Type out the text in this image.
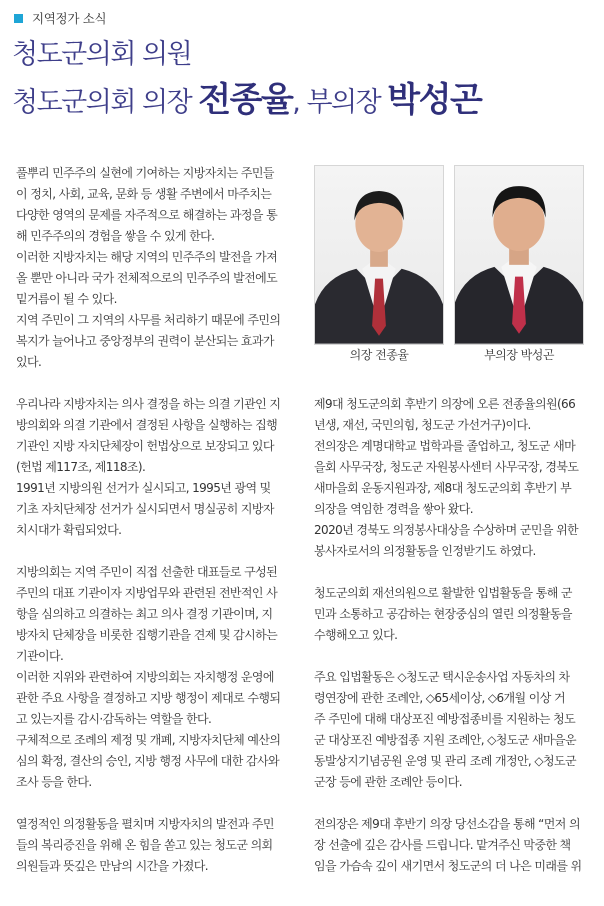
지역정가 소식
청도군의회 의원
청도군의회 의장 전종율, 부의장 박성곤

풀뿌리 민주주의 실현에 기여하는 지방자치는 주민들
이 정치, 사회, 교육, 문화 등 생활 주변에서 마주치는
다양한 영역의 문제를 자주적으로 해결하는 과정을 통
해 민주주의의 경험을 쌓을 수 있게 한다.

이러한 지방자치는 해당 지역의 민주주의 발전을 가져
올 뿐만 아니라 국가 전체적으로의 민주주의 발전에도
밑거름이 될 수 있다.

지역 주민이 그 지역의 사무를 처리하기 때문에 주민의
복지가 늘어나고 중앙정부의 권력이 분산되는 효과가
있다.

우리나라 지방자치는 의사 결정을 하는 의결 기관인 지
방의회와 의결 기관에서 결정된 사항을 실행하는 집행
기관인 지방 자치단체장이 헌법상으로 보장되고 있다
(헌법 제117조, 제118조).

1991년 지방의원 선거가 실시되고, 1995년 광역 및
기초 자치단체장 선거가 실시되면서 명실공히 지방자
치시대가 확립되었다.

지방의회는 지역 주민이 직접 선출한 대표들로 구성된
주민의 대표 기관이자 지방업무와 관련된 전반적인 사
항을 심의하고 의결하는 최고 의사 결정 기관이며, 지
방자치 단체장을 비롯한 집행기관을 견제 및 감시하는
기관이다.

이러한 지위와 관련하여 지방의회는 자치행정 운영에
관한 주요 사항을 결정하고 지방 행정이 제대로 수행되
고 있는지를 감시·감독하는 역할을 한다.

구체적으로 조례의 제정 및 개폐, 지방자치단체 예산의
심의 확정, 결산의 승인, 지방 행정 사무에 대한 감사와
조사 등을 한다.

열정적인 의정활동을 펼치며 지방자치의 발전과 주민
들의 복리증진을 위해 온 힘을 쏟고 있는 청도군 의회
의원들과 뜻깊은 만남의 시간을 가졌다.

의장 전종율	부의장 박성곤

제9대 청도군의회 후반기 의장에 오른 전종율의원(66
년생, 재선, 국민의힘, 청도군 가선거구)이다.

전의장은 계명대학교 법학과를 졸업하고, 청도군 새마
을회 사무국장, 청도군 자원봉사센터 사무국장, 경북도
새마을회 운동지원과장, 제8대 청도군의회 후반기 부
의장을 역임한 경력을 쌓아 왔다.

2020년 경북도 의정봉사대상을 수상하며 군민을 위한
봉사자로서의 의정활동을 인정받기도 하였다.

청도군의회 재선의원으로 활발한 입법활동을 통해 군
민과 소통하고 공감하는 현장중심의 열린 의정활동을
수행해오고 있다.

주요 입법활동은 ◇청도군 택시운송사업 자동차의 차
령연장에 관한 조례안, ◇65세이상, ◇6개월 이상 거
주 주민에 대해 대상포진 예방접종비를 지원하는 청도
군 대상포진 예방접종 지원 조례안, ◇청도군 새마을운
동발상지기념공원 운영 및 관리 조례 개정안, ◇청도군
군장 등에 관한 조례안 등이다.

전의장은 제9대 후반기 의장 당선소감을 통해 “먼저 의
장 선출에 깊은 감사를 드립니다. 맡겨주신 막중한 책
임을 가슴속 깊이 새기면서 청도군의 더 나은 미래를 위
